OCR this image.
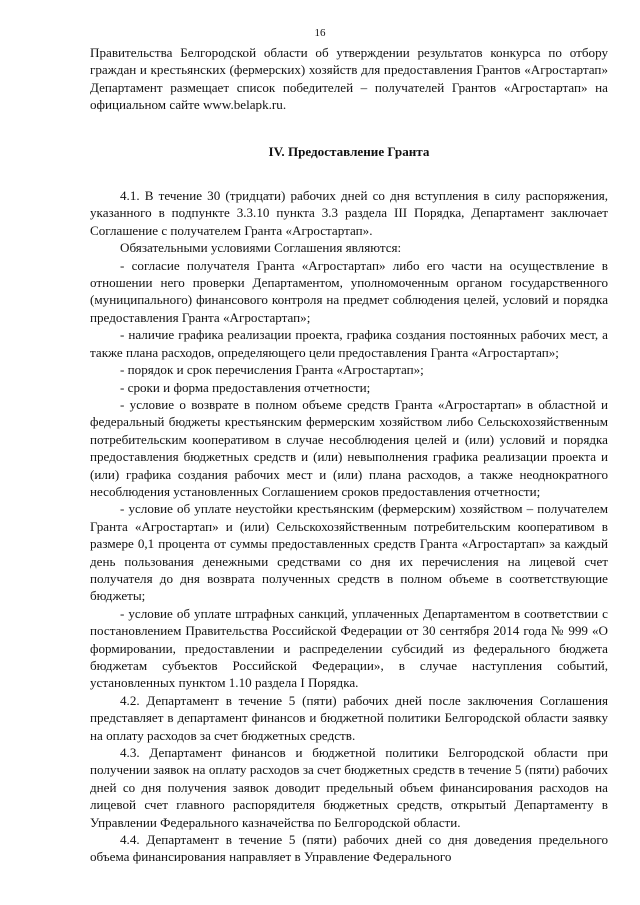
16

Правительства Белгородской области об утверждении результатов конкурса по отбору граждан и крестьянских (фермерских) хозяйств для предоставления Грантов «Агростартап» Департамент размещает список победителей – получателей Грантов «Агростартап» на официальном сайте www.belapk.ru.

IV. Предоставление Гранта

4.1. В течение 30 (тридцати) рабочих дней со дня вступления в силу распоряжения, указанного в подпункте 3.3.10 пункта 3.3 раздела III Порядка, Департамент заключает Соглашение с получателем Гранта «Агростартап».

Обязательными условиями Соглашения являются:

- согласие получателя Гранта «Агростартап» либо его части на осуществление в отношении него проверки Департаментом, уполномоченным органом государственного (муниципального) финансового контроля на предмет соблюдения целей, условий и порядка предоставления Гранта «Агростартап»;

- наличие графика реализации проекта, графика создания постоянных рабочих мест, а также плана расходов, определяющего цели предоставления Гранта «Агростартап»;

- порядок и срок перечисления Гранта «Агростартап»;

- сроки и форма предоставления отчетности;

- условие о возврате в полном объеме средств Гранта «Агростартап» в областной и федеральный бюджеты крестьянским фермерским хозяйством либо Сельскохозяйственным потребительским кооперативом в случае несоблюдения целей и (или) условий и порядка предоставления бюджетных средств и (или) невыполнения графика реализации проекта и (или) графика создания рабочих мест и (или) плана расходов, а также неоднократного несоблюдения установленных Соглашением сроков предоставления отчетности;

- условие об уплате неустойки крестьянским (фермерским) хозяйством – получателем Гранта «Агростартап» и (или) Сельскохозяйственным потребительским кооперативом в размере 0,1 процента от суммы предоставленных средств Гранта «Агростартап» за каждый день пользования денежными средствами со дня их перечисления на лицевой счет получателя до дня возврата полученных средств в полном объеме в соответствующие бюджеты;

- условие об уплате штрафных санкций, уплаченных Департаментом в соответствии с постановлением Правительства Российской Федерации от 30 сентября 2014 года № 999 «О формировании, предоставлении и распределении субсидий из федерального бюджета бюджетам субъектов Российской Федерации», в случае наступления событий, установленных пунктом 1.10 раздела I Порядка.

4.2. Департамент в течение 5 (пяти) рабочих дней после заключения Соглашения представляет в департамент финансов и бюджетной политики Белгородской области заявку на оплату расходов за счет бюджетных средств.

4.3. Департамент финансов и бюджетной политики Белгородской области при получении заявок на оплату расходов за счет бюджетных средств в течение 5 (пяти) рабочих дней со дня получения заявок доводит предельный объем финансирования расходов на лицевой счет главного распорядителя бюджетных средств, открытый Департаменту в Управлении Федерального казначейства по Белгородской области.

4.4. Департамент в течение 5 (пяти) рабочих дней со дня доведения предельного объема финансирования направляет в Управление Федерального
